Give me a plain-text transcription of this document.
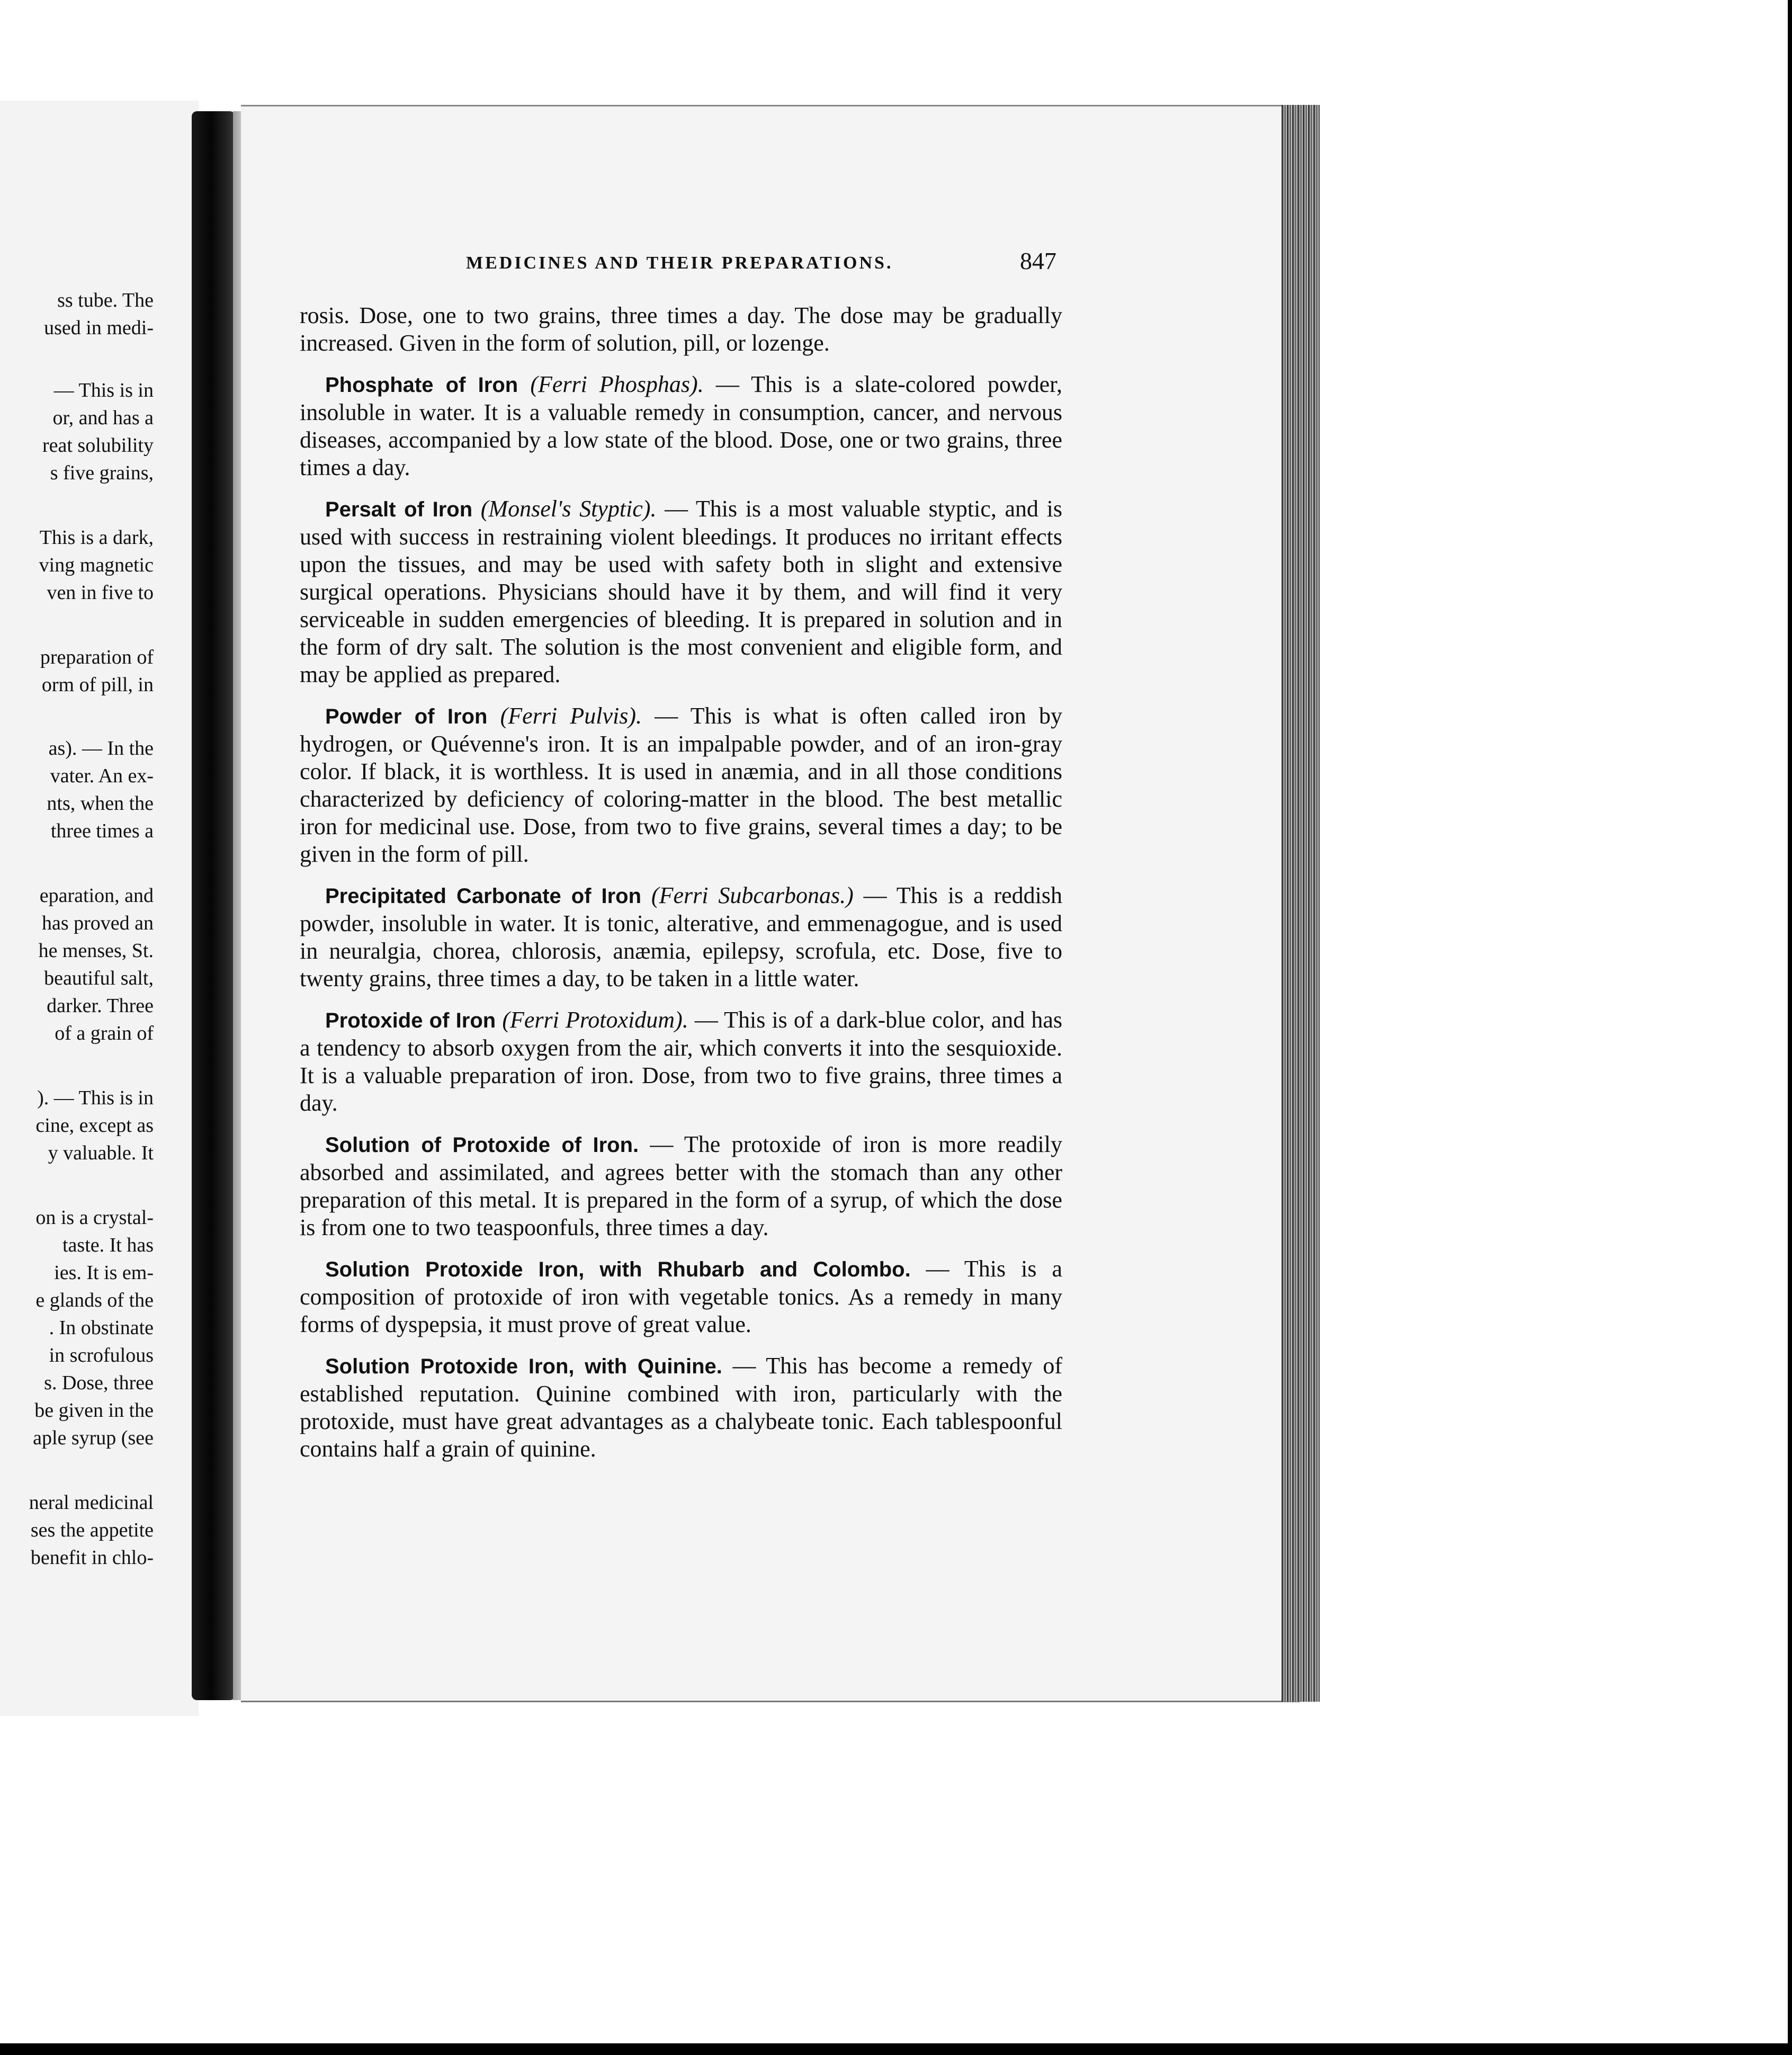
ss tube. The
used in medi-
— This is in
or, and has a
reat solubility
s five grains,
This is a dark,
ving magnetic
ven in five to
preparation of
orm of pill, in
as). — In the
vater. An ex-
nts, when the
three times a
eparation, and
has proved an
he menses, St.
beautiful salt,
darker. Three
of a grain of
). — This is in
cine, except as
y valuable. It
on is a crystal-
taste. It has
ies. It is em-
e glands of the
. In obstinate
in scrofulous
s. Dose, three
be given in the
aple syrup (see
neral medicinal
ses the appetite
benefit in chlo-
MEDICINES AND THEIR PREPARATIONS.	847

rosis. Dose, one to two grains, three times a day. The dose may be gradually increased. Given in the form of solution, pill, or lozenge.

Phosphate of Iron (Ferri Phosphas). — This is a slate-colored powder, insoluble in water. It is a valuable remedy in consumption, cancer, and nervous diseases, accompanied by a low state of the blood. Dose, one or two grains, three times a day.

Persalt of Iron (Monsel's Styptic). — This is a most valuable styptic, and is used with success in restraining violent bleedings. It produces no irritant effects upon the tissues, and may be used with safety both in slight and extensive surgical operations. Physicians should have it by them, and will find it very serviceable in sudden emergencies of bleeding. It is prepared in solution and in the form of dry salt. The solution is the most convenient and eligible form, and may be applied as prepared.

Powder of Iron (Ferri Pulvis). — This is what is often called iron by hydrogen, or Quévenne's iron. It is an impalpable powder, and of an iron-gray color. If black, it is worthless. It is used in anæmia, and in all those conditions characterized by deficiency of coloring-matter in the blood. The best metallic iron for medicinal use. Dose, from two to five grains, several times a day; to be given in the form of pill.

Precipitated Carbonate of Iron (Ferri Subcarbonas.) — This is a reddish powder, insoluble in water. It is tonic, alterative, and emmenagogue, and is used in neuralgia, chorea, chlorosis, anæmia, epilepsy, scrofula, etc. Dose, five to twenty grains, three times a day, to be taken in a little water.

Protoxide of Iron (Ferri Protoxidum). — This is of a dark-blue color, and has a tendency to absorb oxygen from the air, which converts it into the sesquioxide. It is a valuable preparation of iron. Dose, from two to five grains, three times a day.

Solution of Protoxide of Iron. — The protoxide of iron is more readily absorbed and assimilated, and agrees better with the stomach than any other preparation of this metal. It is prepared in the form of a syrup, of which the dose is from one to two teaspoonfuls, three times a day.

Solution Protoxide Iron, with Rhubarb and Colombo. — This is a composition of protoxide of iron with vegetable tonics. As a remedy in many forms of dyspepsia, it must prove of great value.

Solution Protoxide Iron, with Quinine. — This has become a remedy of established reputation. Quinine combined with iron, particularly with the protoxide, must have great advantages as a chalybeate tonic. Each tablespoonful contains half a grain of quinine.
